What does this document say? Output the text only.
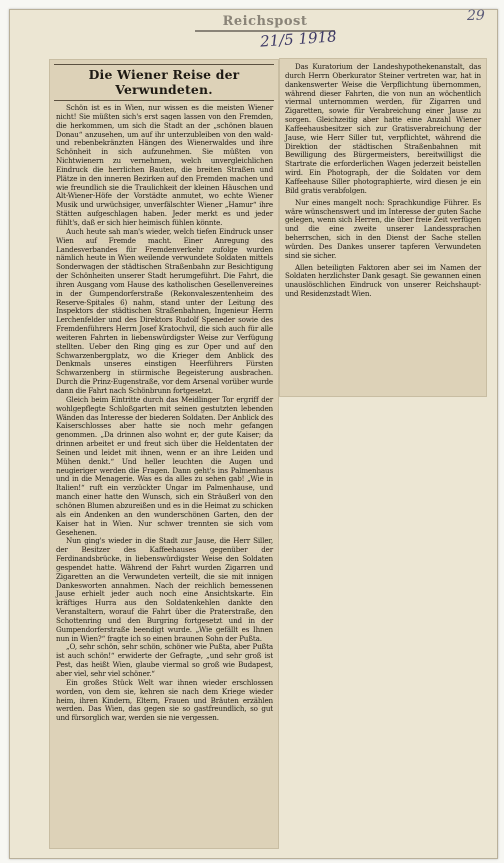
Reichspost
21/5 1918
29
Die Wiener Reise der Verwundeten.

Schön ist es in Wien, nur wissen es die meisten Wiener nicht! Sie müßten sich's erst sagen lassen von den Fremden, die herkommen, um sich die Stadt an der „schönen blauen Donau“ anzusehen, um auf ihr unterzubleiben von den wald- und rebenbekränzten Hängen des Wienerwaldes und ihre Schönheit in sich aufzunehmen. Sie müßten von Nichtwienern zu vernehmen, welch unvergleichlichen Eindruck die herrlichen Bauten, die breiten Straßen und Plätze in den inneren Bezirken auf den Fremden machen und wie freundlich sie die Traulichkeit der kleinen Häuschen und Alt-Wiener-Höfe der Vorstädte anmutet, wo echte Wiener Musik und urwüchsiger, unverfälschter Wiener „Hamur“ ihre Stätten aufgeschlagen haben. Jeder merkt es und jeder fühlt's, daß er sich hier heimisch fühlen könnte.

Auch heute sah man's wieder, welch tiefen Eindruck unser Wien auf Fremde macht. Einer Anregung des Landesverbandes für Fremdenverkehr zufolge wurden nämlich heute in Wien weilende verwundete Soldaten mittels Sonderwagen der städtischen Straßenbahn zur Besichtigung der Schönheiten unserer Stadt herumgeführt. Die Fahrt, die ihren Ausgang vom Hause des katholischen Gesellenvereines in der Gumpendorferstraße (Rekonvaleszentenheim des Reserve-Spitales 6) nahm, stand unter der Leitung des Inspektors der städtischen Straßenbahnen, Ingenieur Herrn Lerchenfelder und des Direktors Rudolf Speneder sowie des Fremdenführers Herrn Josef Kratochvil, die sich auch für alle weiteren Fahrten in liebenswürdigster Weise zur Verfügung stellten. Ueber den Ring ging es zur Oper und auf den Schwarzenbergplatz, wo die Krieger dem Anblick des Denkmals unseres einstigen Heerführers Fürsten Schwarzenberg in stürmische Begeisterung ausbrachen. Durch die Prinz-Eugenstraße, vor dem Arsenal vorüber wurde dann die Fahrt nach Schönbrunn fortgesetzt.

Gleich beim Eintritte durch das Meidlinger Tor ergriff der wohlgepflegte Schloßgarten mit seinen gestutzten lebenden Wänden das Interesse der biederen Soldaten. Der Anblick des Kaiserschlosses aber hatte sie noch mehr gefangen genommen. „Da drinnen also wohnt er, der gute Kaiser; da drinnen arbeitet er und freut sich über die Heldentaten der Seinen und leidet mit ihnen, wenn er an ihre Leiden und Mühen denkt.“ Und heller leuchten die Augen und neugieriger werden die Fragen. Dann geht's ins Palmenhaus und in die Menagerie. Was es da alles zu sehen gab! „Wie in Italien!“ ruft ein verzückter Ungar im Palmenhause, und manch einer hatte den Wunsch, sich ein Sträußerl von den schönen Blumen abzureißen und es in die Heimat zu schicken als ein Andenken an den wunderschönen Garten, den der Kaiser hat in Wien. Nur schwer trennten sie sich vom Gesehenen.

Nun ging's wieder in die Stadt zur Jause, die Herr Siller, der Besitzer des Kaffeehauses gegenüber der Ferdinandsbrücke, in liebenswürdigster Weise den Soldaten gespendet hatte. Während der Fahrt wurden Zigarren und Zigaretten an die Verwundeten verteilt, die sie mit innigen Dankesworten annahmen. Nach der reichlich bemessenen Jause erhielt jeder auch noch eine Ansichtskarte. Ein kräftiges Hurra aus den Soldatenkehlen dankte den Veranstaltern, worauf die Fahrt über die Praterstraße, den Schottenring und den Burgring fortgesetzt und in der Gumpendorferstraße beendigt wurde. „Wie gefällt es Ihnen nun in Wien?“ fragte ich so einen braunen Sohn der Pußta.

„O, sehr schön, sehr schön, schöner wie Pußta, aber Pußta ist auch schön!“ erwiderte der Gefragte, „und sehr groß ist Pest, das heißt Wien, glaube viermal so groß wie Budapest, aber viel, sehr viel schöner.“

Ein großes Stück Welt war ihnen wieder erschlossen worden, von dem sie, kehren sie nach dem Kriege wieder heim, ihren Kindern, Eltern, Frauen und Bräuten erzählen werden. Das Wien, das gegen sie so gastfreundlich, so gut und fürsorglich war, werden sie nie vergessen.

Das Kuratorium der Landeshypothekenanstalt, das durch Herrn Oberkurator Steiner vertreten war, hat in dankenswerter Weise die Verpflichtung übernommen, während dieser Fahrten, die von nun an wöchentlich viermal unternommen werden, für Zigarren und Zigaretten, sowie für Verabreichung einer Jause zu sorgen. Gleichzeitig aber hatte eine Anzahl Wiener Kaffeehausbesitzer sich zur Gratisverabreichung der Jause, wie Herr Siller tut, verpflichtet, während die Direktion der städtischen Straßenbahnen mit Bewilligung des Bürgermeisters, bereitwilligst die Startrate die erforderlichen Wagen jederzeit beistellen wird. Ein Photograph, der die Soldaten vor dem Kaffeehause Siller photographierte, wird diesen je ein Bild gratis verabfolgen.

Nur eines mangelt noch: Sprachkundige Führer. Es wäre wünschenswert und im Interesse der guten Sache gelegen, wenn sich Herren, die über freie Zeit verfügen und die eine zweite unserer Landessprachen beherrschen, sich in den Dienst der Sache stellen würden. Des Dankes unserer tapferen Verwundeten sind sie sicher.

Allen beteiligten Faktoren aber sei im Namen der Soldaten herzlichster Dank gesagt. Sie gewannen einen unauslöschlichen Eindruck von unserer Reichshaupt- und Residenzstadt Wien.
